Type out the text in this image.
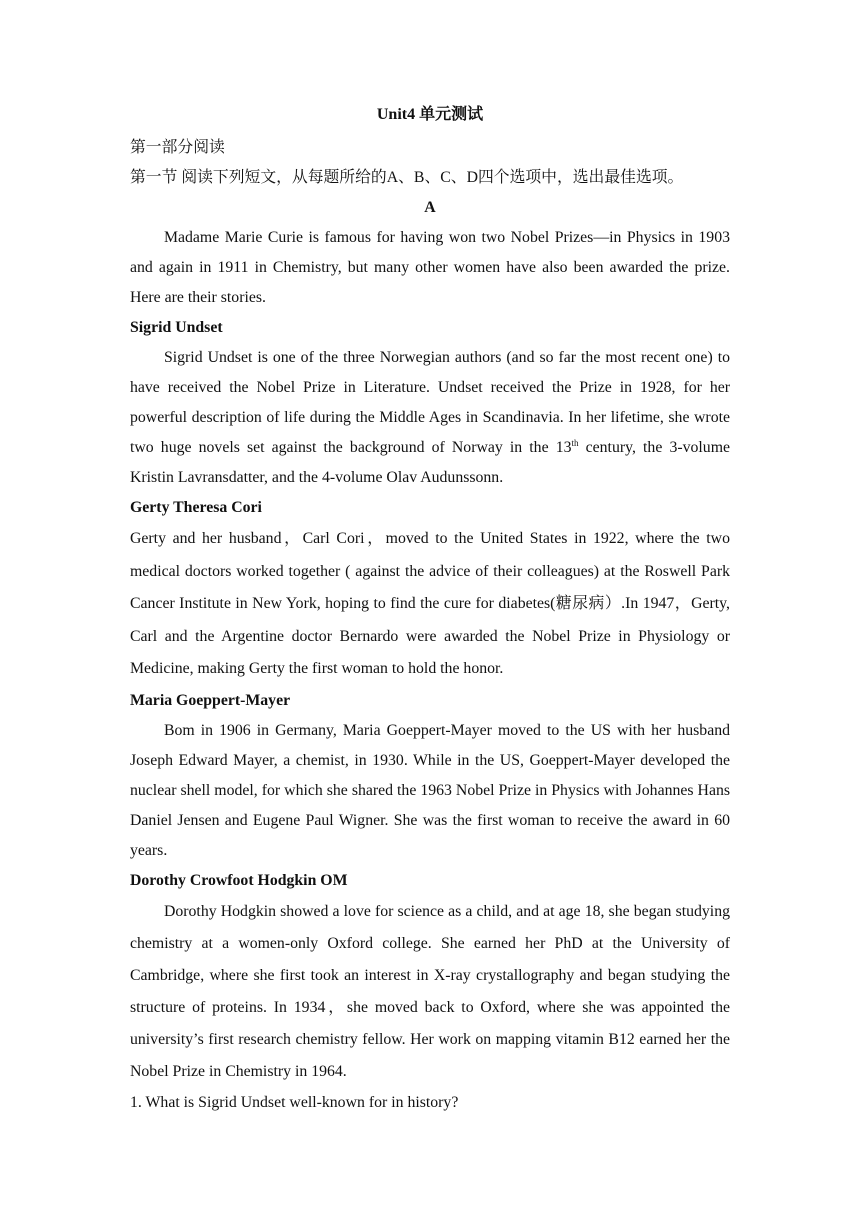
Unit4 单元测试

第一部分阅读

第一节 阅读下列短文，从每题所给的A、B、C、D四个选项中，选出最佳选项。

A

Madame Marie Curie is famous for having won two Nobel Prizes—in Physics in 1903 and again in 1911 in Chemistry, but many other women have also been awarded the prize. Here are their stories.

Sigrid Undset

Sigrid Undset is one of the three Norwegian authors (and so far the most recent one) to have received the Nobel Prize in Literature. Undset received the Prize in 1928, for her powerful description of life during the Middle Ages in Scandinavia. In her lifetime, she wrote two huge novels set against the background of Norway in the 13th century, the 3-volume Kristin Lavransdatter, and the 4-volume Olav Audunssonn.

Gerty Theresa Cori

Gerty and her husband，Carl Cori，moved to the United States in 1922, where the two medical doctors worked together ( against the advice of their colleagues) at the Roswell Park Cancer Institute in New York, hoping to find the cure for diabetes(糖尿病）.In 1947，Gerty, Carl and the Argentine doctor Bernardo were awarded the Nobel Prize in Physiology or Medicine, making Gerty the first woman to hold the honor.

Maria Goeppert-Mayer

Bom in 1906 in Germany, Maria Goeppert-Mayer moved to the US with her husband Joseph Edward Mayer, a chemist, in 1930. While in the US, Goeppert-Mayer developed the nuclear shell model, for which she shared the 1963 Nobel Prize in Physics with Johannes Hans Daniel Jensen and Eugene Paul Wigner. She was the first woman to receive the award in 60 years.

Dorothy Crowfoot Hodgkin OM

Dorothy Hodgkin showed a love for science as a child, and at age 18, she began studying chemistry at a women-only Oxford college. She earned her PhD at the University of Cambridge, where she first took an interest in X-ray crystallography and began studying the structure of proteins. In 1934，she moved back to Oxford, where she was appointed the university’s first research chemistry fellow. Her work on mapping vitamin B12 earned her the Nobel Prize in Chemistry in 1964.

1. What is Sigrid Undset well-known for in history?
